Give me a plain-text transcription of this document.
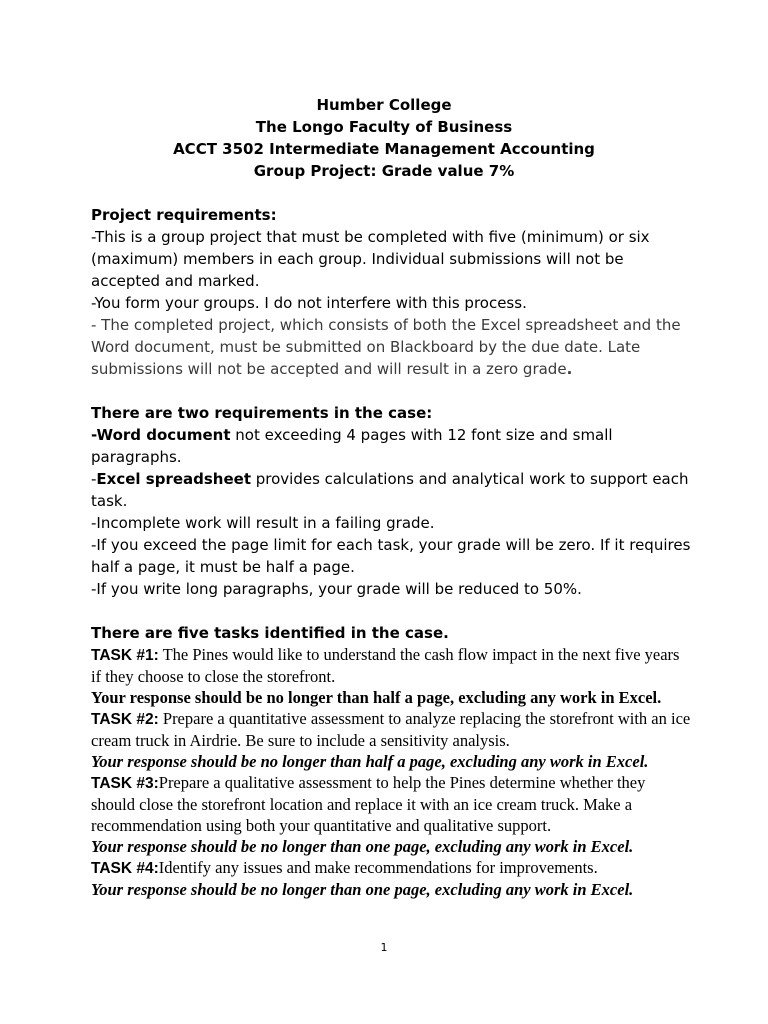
Humber College
The Longo Faculty of Business
ACCT 3502 Intermediate Management Accounting
Group Project: Grade value 7%

Project requirements:

-This is a group project that must be completed with five (minimum) or six (maximum) members in each group. Individual submissions will not be accepted and marked.

-You form your groups. I do not interfere with this process.

- The completed project, which consists of both the Excel spreadsheet and the Word document, must be submitted on Blackboard by the due date. Late submissions will not be accepted and will result in a zero grade.

There are two requirements in the case:

-Word document not exceeding 4 pages with 12 font size and small paragraphs.

-Excel spreadsheet provides calculations and analytical work to support each task.

-Incomplete work will result in a failing grade.

-If you exceed the page limit for each task, your grade will be zero. If it requires half a page, it must be half a page.

-If you write long paragraphs, your grade will be reduced to 50%.

There are five tasks identified in the case.

TASK #1: The Pines would like to understand the cash flow impact in the next five years if they choose to close the storefront.

Your response should be no longer than half a page, excluding any work in Excel.

TASK #2: Prepare a quantitative assessment to analyze replacing the storefront with an ice cream truck in Airdrie. Be sure to include a sensitivity analysis.

Your response should be no longer than half a page, excluding any work in Excel.

TASK #3:Prepare a qualitative assessment to help the Pines determine whether they should close the storefront location and replace it with an ice cream truck. Make a recommendation using both your quantitative and qualitative support.

Your response should be no longer than one page, excluding any work in Excel.

TASK #4:Identify any issues and make recommendations for improvements.

Your response should be no longer than one page, excluding any work in Excel.

1
